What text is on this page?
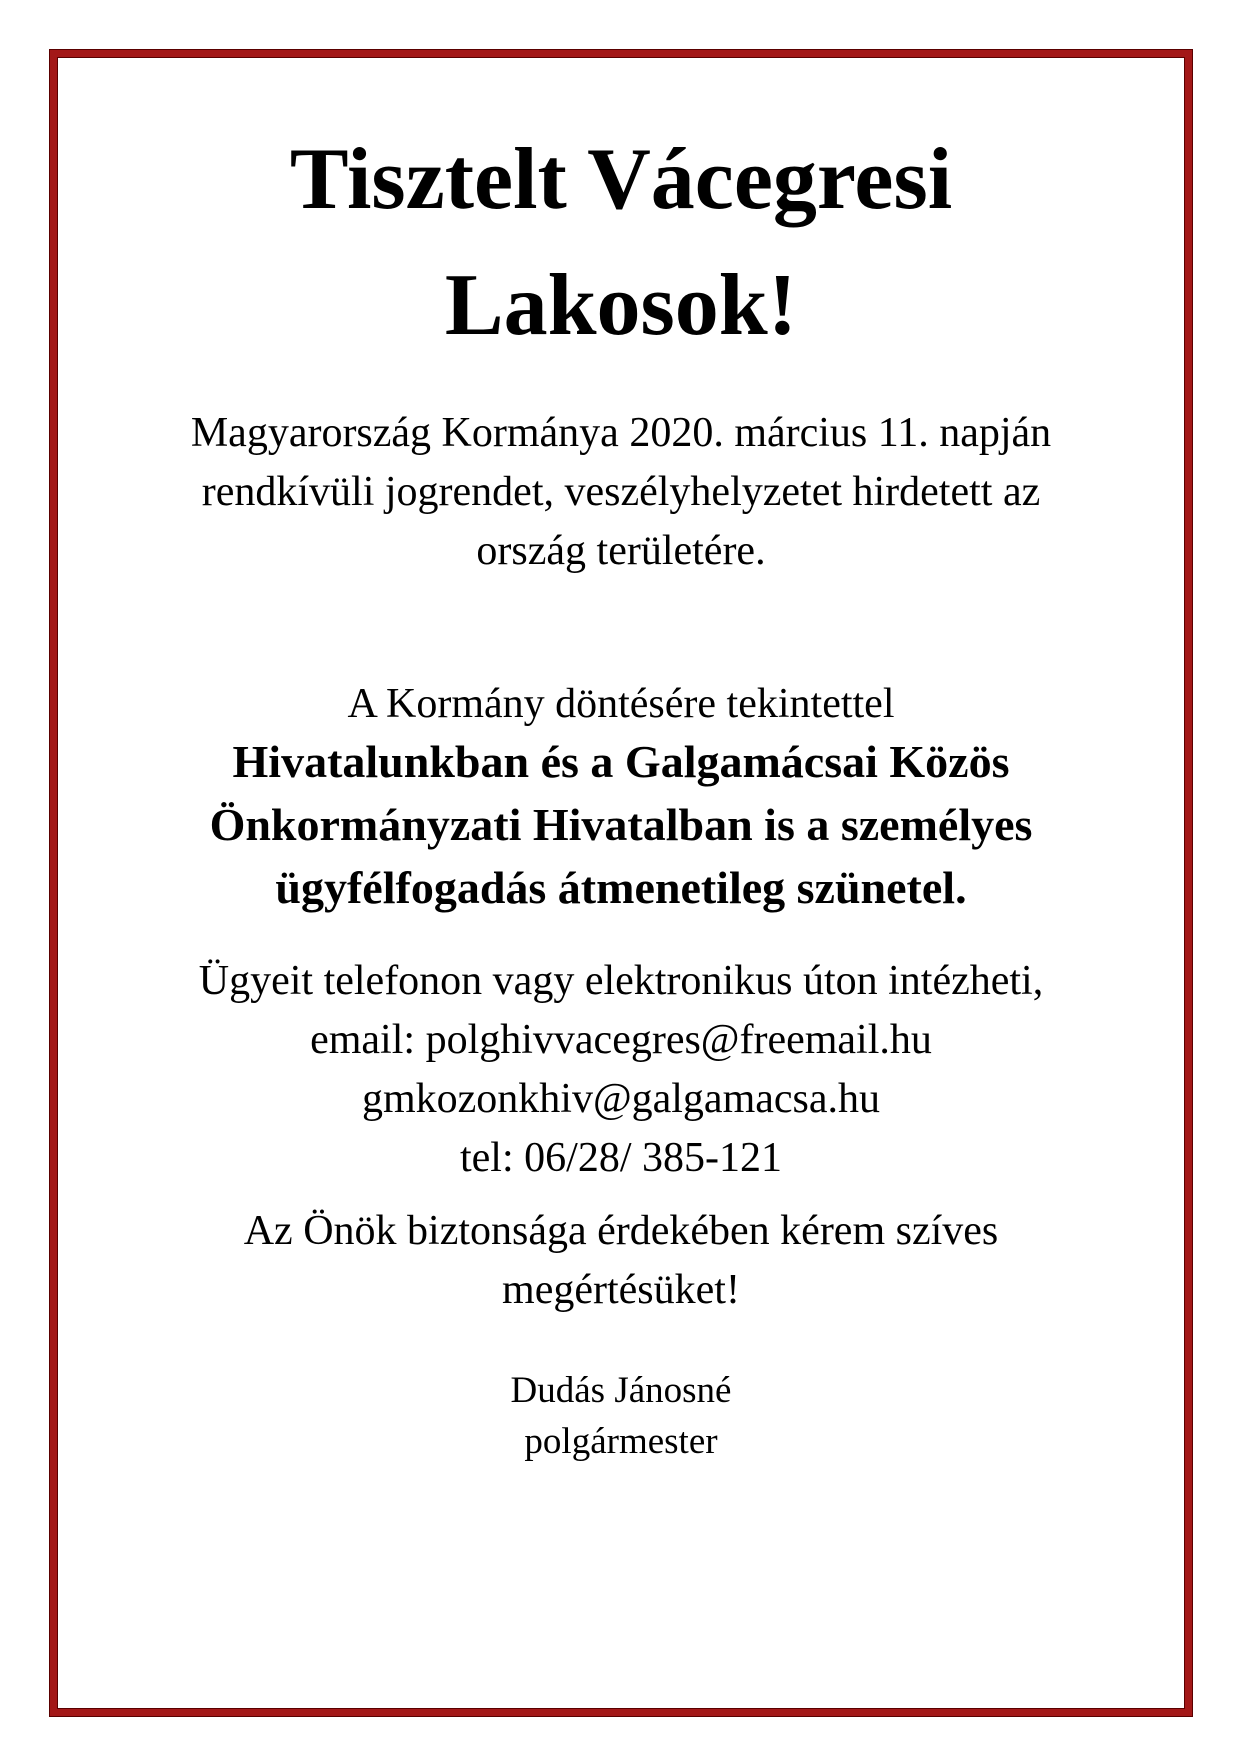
Tisztelt Vácegresi
Lakosok!

Magyarország Kormánya 2020. március 11. napján
rendkívüli jogrendet, veszélyhelyzetet hirdetett az
ország területére.

A Kormány döntésére tekintettel

Hivatalunkban és a Galgamácsai Közös
Önkormányzati Hivatalban is a személyes
ügyfélfogadás átmenetileg szünetel.

Ügyeit telefonon vagy elektronikus úton intézheti,
email: polghivvacegres@freemail.hu
gmkozonkhiv@galgamacsa.hu
tel: 06/28/ 385-121

Az Önök biztonsága érdekében kérem szíves
megértésüket!

Dudás Jánosné
polgármester
